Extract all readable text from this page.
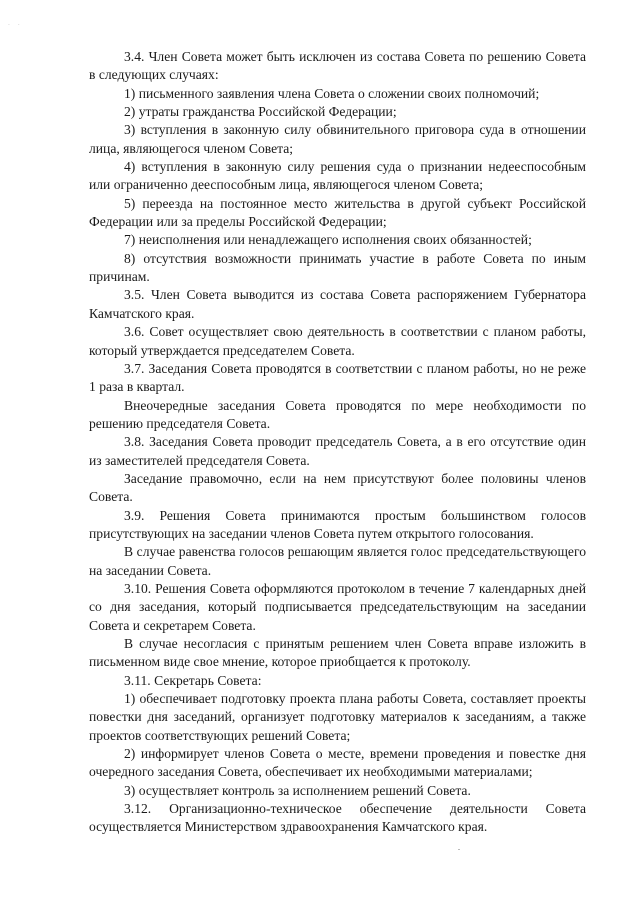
· ·

3.4. Член Совета может быть исключен из состава Совета по решению Совета в следующих случаях:

1) письменного заявления члена Совета о сложении своих полномочий;

2) утраты гражданства Российской Федерации;

3) вступления в законную силу обвинительного приговора суда в отношении лица, являющегося членом Совета;

4) вступления в законную силу решения суда о признании недееспособным или ограниченно дееспособным лица, являющегося членом Совета;

5) переезда на постоянное место жительства в другой субъект Российской Федерации или за пределы Российской Федерации;

7) неисполнения или ненадлежащего исполнения своих обязанностей;

8) отсутствия возможности принимать участие в работе Совета по иным причинам.

3.5. Член Совета выводится из состава Совета распоряжением Губернатора Камчатского края.

3.6. Совет осуществляет свою деятельность в соответствии с планом работы, который утверждается председателем Совета.

3.7. Заседания Совета проводятся в соответствии с планом работы, но не реже 1 раза в квартал.

Внеочередные заседания Совета проводятся по мере необходимости по решению председателя Совета.

3.8. Заседания Совета проводит председатель Совета, а в его отсутствие один из заместителей председателя Совета.

Заседание правомочно, если на нем присутствуют более половины членов Совета.

3.9. Решения Совета принимаются простым большинством голосов присутствующих на заседании членов Совета путем открытого голосования.

В случае равенства голосов решающим является голос председательствующего на заседании Совета.

3.10. Решения Совета оформляются протоколом в течение 7 календарных дней со дня заседания, который подписывается председательствующим на заседании Совета и секретарем Совета.

В случае несогласия с принятым решением член Совета вправе изложить в письменном виде свое мнение, которое приобщается к протоколу.

3.11. Секретарь Совета:

1) обеспечивает подготовку проекта плана работы Совета, составляет проекты повестки дня заседаний, организует подготовку материалов к заседаниям, а также проектов соответствующих решений Совета;

2) информирует членов Совета о месте, времени проведения и повестке дня очередного заседания Совета, обеспечивает их необходимыми материалами;

3) осуществляет контроль за исполнением решений Совета.

3.12. Организационно-техническое обеспечение деятельности Совета осуществляется Министерством здравоохранения Камчатского края.
